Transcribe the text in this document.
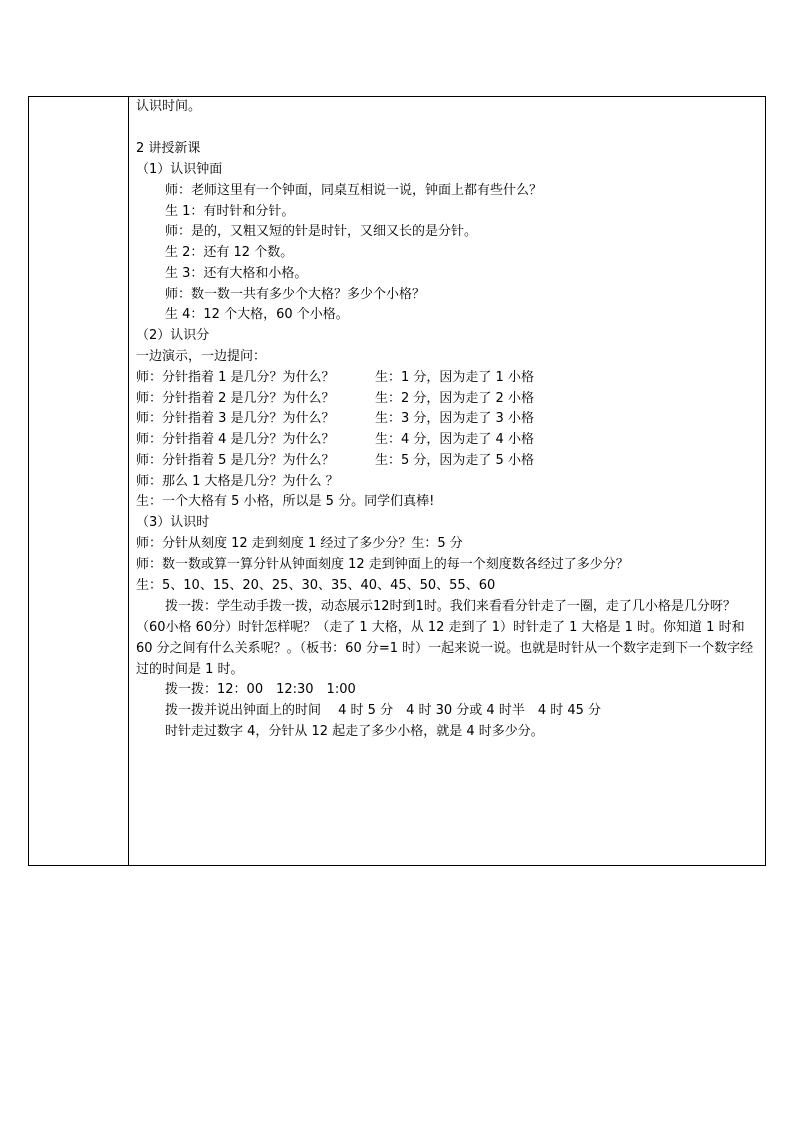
认识时间。
2 讲授新课
（1）认识钟面
师：老师这里有一个钟面，同桌互相说一说，钟面上都有些什么？
生 1：有时针和分针。
师：是的，又粗又短的针是时针，又细又长的是分针。
生 2：还有 12 个数。
生 3：还有大格和小格。
师：数一数一共有多少个大格？多少个小格？
生 4：12 个大格，60 个小格。
（2）认识分
一边演示，一边提问：
师：分针指着 1 是几分？为什么？	生：1 分，因为走了 1 小格
师：分针指着 2 是几分？为什么？	生：2 分，因为走了 2 小格
师：分针指着 3 是几分？为什么？	生：3 分，因为走了 3 小格
师：分针指着 4 是几分？为什么？	生：4 分，因为走了 4 小格
师：分针指着 5 是几分？为什么？	生：5 分，因为走了 5 小格
师：那么 1 大格是几分？为什么 ？
生：一个大格有 5 小格，所以是 5 分。同学们真棒!
（3）认识时
师：分针从刻度 12 走到刻度 1 经过了多少分？生：5 分
师：数一数或算一算分针从钟面刻度 12 走到钟面上的每一个刻度数各经过了多少分？
生：5、10、15、20、25、30、35、40、45、50、55、60
拨一拨：学生动手拨一拨，动态展示12时到1时。我们来看看分针走了一圈，走了几小格是几分呀？（60小格 60分）时针怎样呢？（走了 1 大格，从 12 走到了 1）时针走了 1 大格是 1 时。你知道 1 时和 60 分之间有什么关系呢？。（板书：60 分=1 时）一起来说一说。也就是时针从一个数字走到下一个数字经过的时间是 1 时。
拨一拨：12：00　12:30　1:00
拨一拨并说出钟面上的时间　 4 时 5 分　4 时 30 分或 4 时半　4 时 45 分
时针走过数字 4，分针从 12 起走了多少小格，就是 4 时多少分。
